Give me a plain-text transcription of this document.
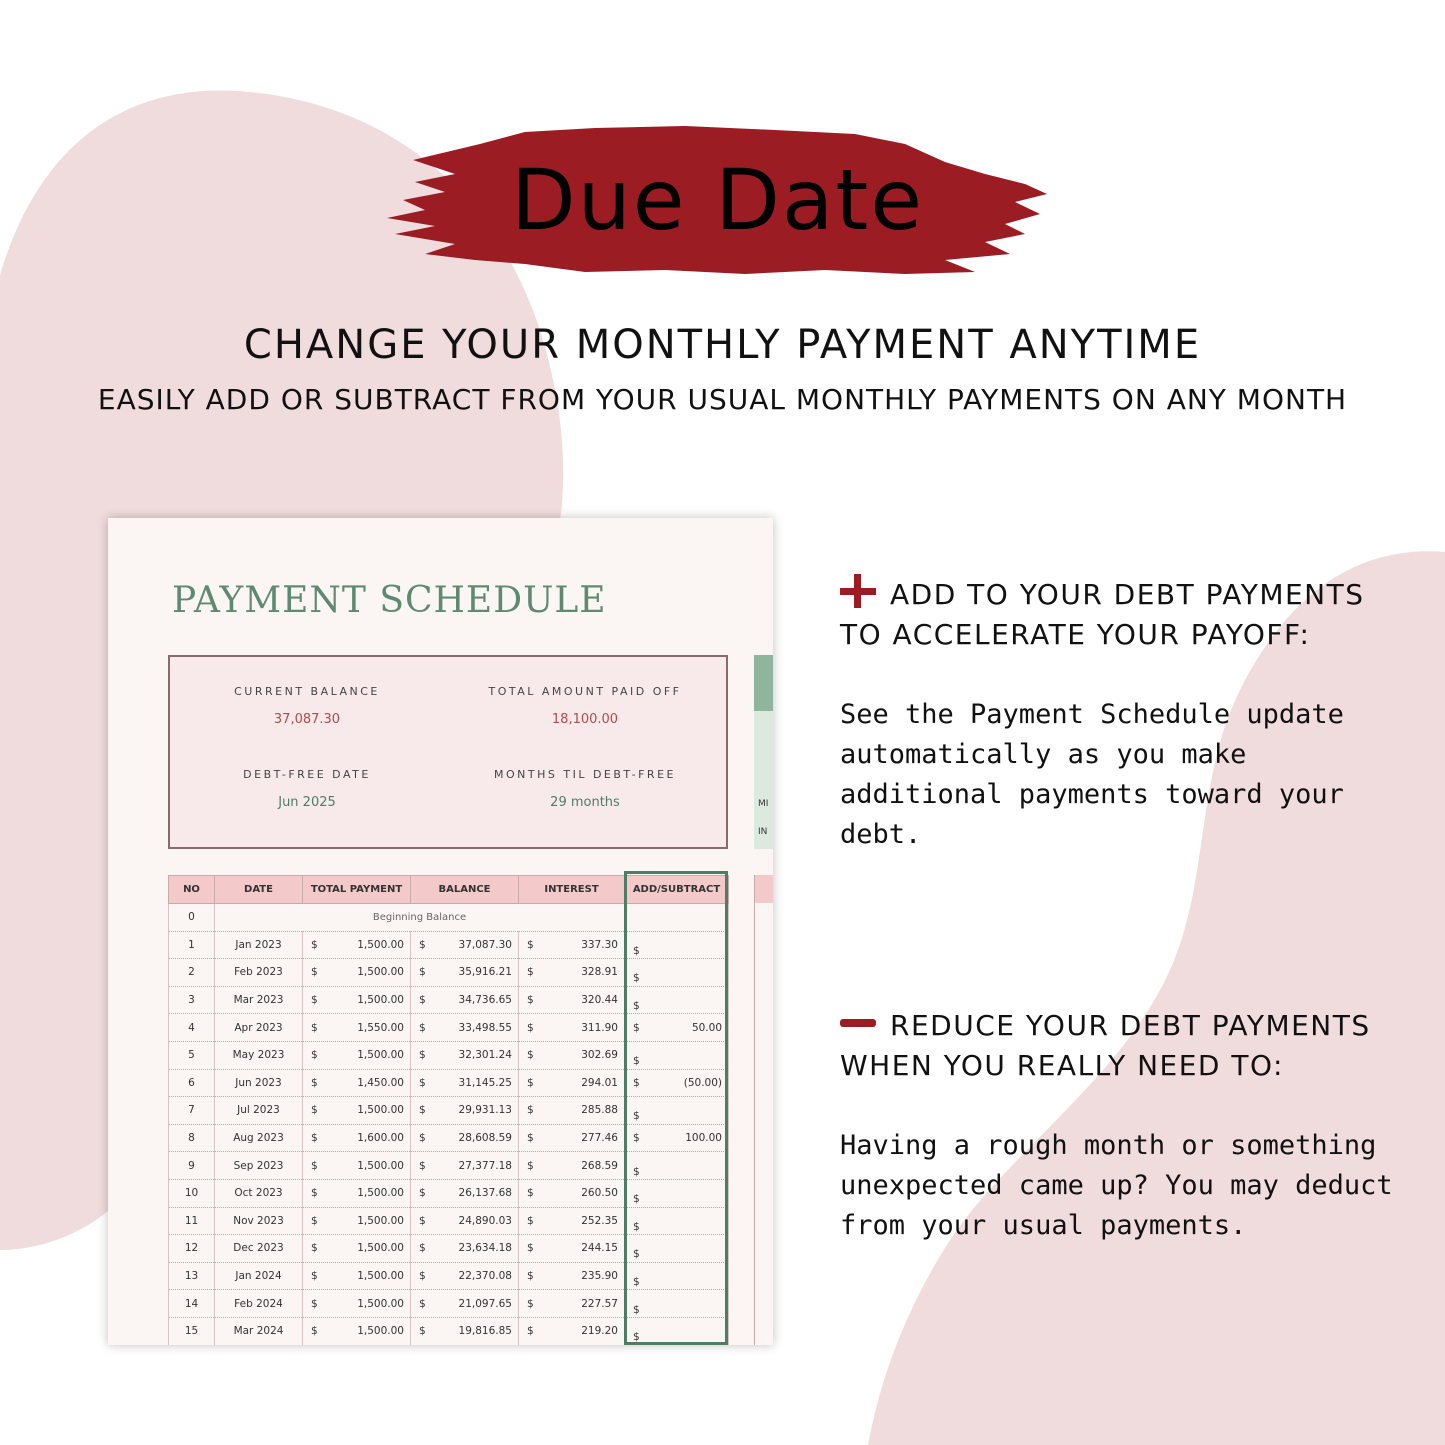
Due Date
CHANGE YOUR MONTHLY PAYMENT ANYTIME
EASILY ADD OR SUBTRACT FROM YOUR USUAL MONTHLY PAYMENTS ON ANY MONTH
PAYMENT SCHEDULE
CURRENT BALANCE
37,087.30
TOTAL AMOUNT PAID OFF
18,100.00
DEBT-FREE DATE
Jun 2025
MONTHS TIL DEBT-FREE
29 months	MI
IN
NO	DATE	TOTAL PAYMENT	BALANCE	INTEREST	ADD/SUBTRACT
0	Beginning Balance				
1	Jan 2023	$ 1,500.00	$ 37,087.30	$ 337.30	$

2	Feb 2023	$ 1,500.00	$ 35,916.21	$ 328.91	$

3	Mar 2023	$ 1,500.00	$ 34,736.65	$ 320.44	$

4	Apr 2023	$ 1,550.00	$ 33,498.55	$ 311.90	$ 50.00
5	May 2023	$ 1,500.00	$ 32,301.24	$ 302.69	$

6	Jun 2023	$ 1,450.00	$ 31,145.25	$ 294.01	$ (50.00)
7	Jul 2023	$ 1,500.00	$ 29,931.13	$ 285.88	$

8	Aug 2023	$ 1,600.00	$ 28,608.59	$ 277.46	$ 100.00
9	Sep 2023	$ 1,500.00	$ 27,377.18	$ 268.59	$

10	Oct 2023	$ 1,500.00	$ 26,137.68	$ 260.50	$

11	Nov 2023	$ 1,500.00	$ 24,890.03	$ 252.35	$

12	Dec 2023	$ 1,500.00	$ 23,634.18	$ 244.15	$

13	Jan 2024	$ 1,500.00	$ 22,370.08	$ 235.90	$

14	Feb 2024	$ 1,500.00	$ 21,097.65	$ 227.57	$

15	Mar 2024	$ 1,500.00	$ 19,816.85	$ 219.20	$
ADD TO YOUR DEBT PAYMENTS TO ACCELERATE YOUR PAYOFF:
See the Payment Schedule update automatically as you make additional payments toward your debt.
REDUCE YOUR DEBT PAYMENTS WHEN YOU REALLY NEED TO:
Having a rough month or something unexpected came up? You may deduct from your usual payments.
